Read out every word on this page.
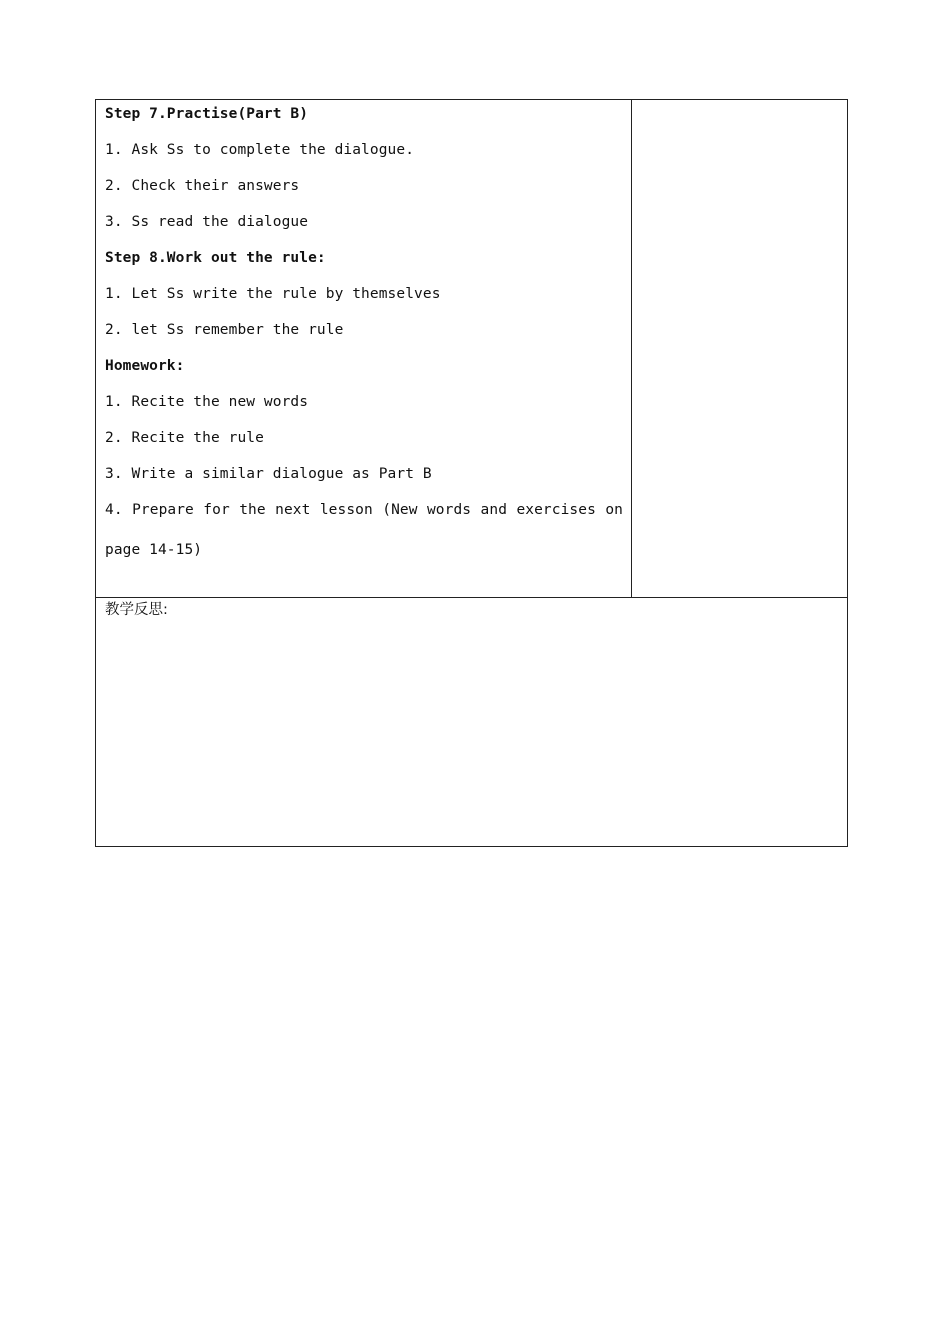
Step 7.Practise(Part B)
1. Ask Ss to complete the dialogue.
2. Check their answers
3. Ss read the dialogue
Step 8.Work out the rule:
1. Let Ss write the rule by themselves
2. let Ss remember the rule
Homework:
1. Recite the new words
2. Recite the rule
3. Write a similar dialogue as Part B
4. Prepare for the next lesson (New words and exercises on
page 14-15)
教学反思:
